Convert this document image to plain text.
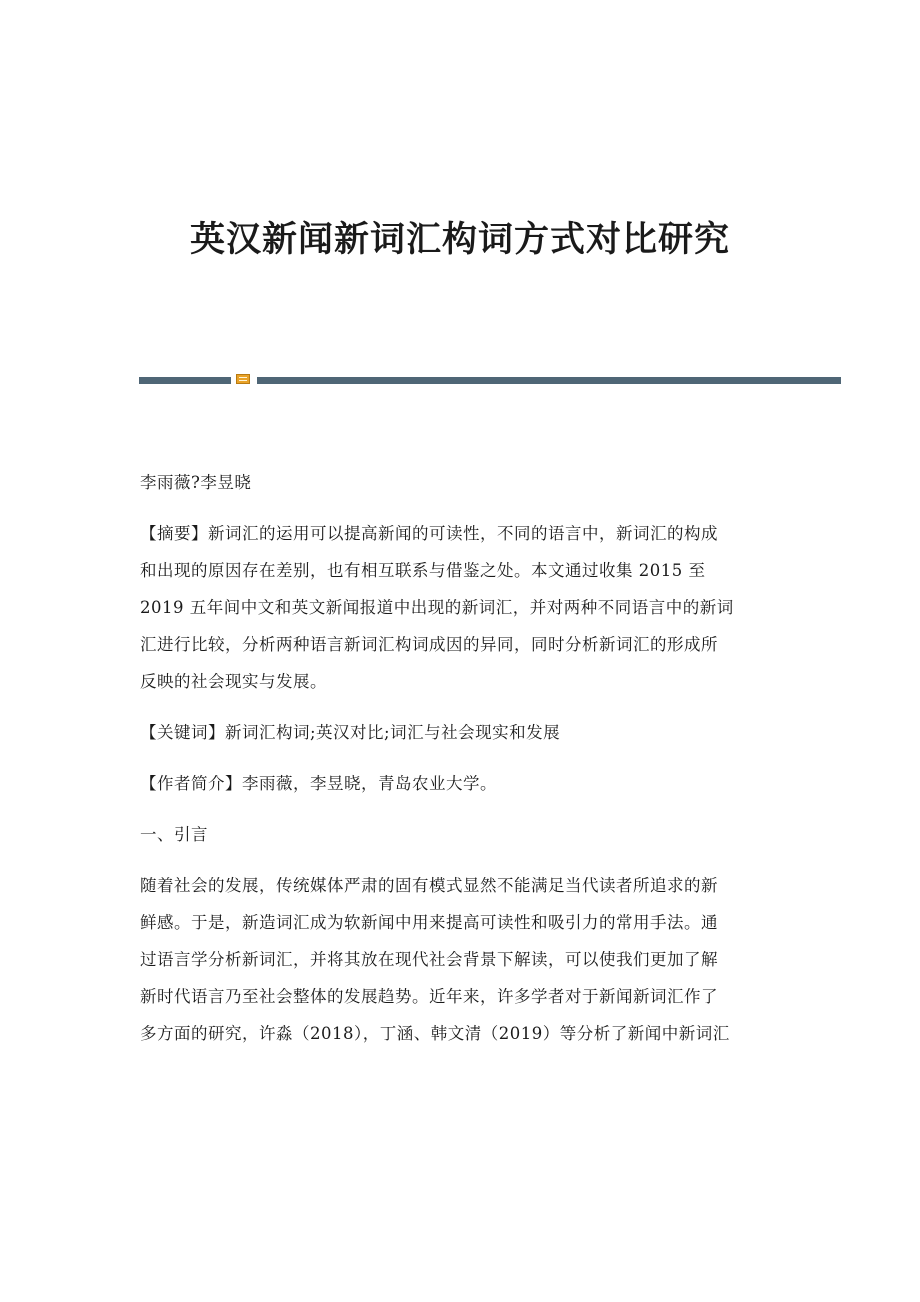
英汉新闻新词汇构词方式对比研究

李雨薇?李昱晓

【摘要】新词汇的运用可以提高新闻的可读性，不同的语言中，新词汇的构成
和出现的原因存在差别，也有相互联系与借鉴之处。本文通过收集 2015 至
2019 五年间中文和英文新闻报道中出现的新词汇，并对两种不同语言中的新词
汇进行比较，分析两种语言新词汇构词成因的异同，同时分析新词汇的形成所
反映的社会现实与发展。

【关键词】新词汇构词;英汉对比;词汇与社会现实和发展

【作者简介】李雨薇，李昱晓，青岛农业大学。

一、引言

随着社会的发展，传统媒体严肃的固有模式显然不能满足当代读者所追求的新
鲜感。于是，新造词汇成为软新闻中用来提高可读性和吸引力的常用手法。通
过语言学分析新词汇，并将其放在现代社会背景下解读，可以使我们更加了解
新时代语言乃至社会整体的发展趋势。近年来，许多学者对于新闻新词汇作了
多方面的研究，许淼（2018），丁涵、韩文清（2019）等分析了新闻中新词汇
